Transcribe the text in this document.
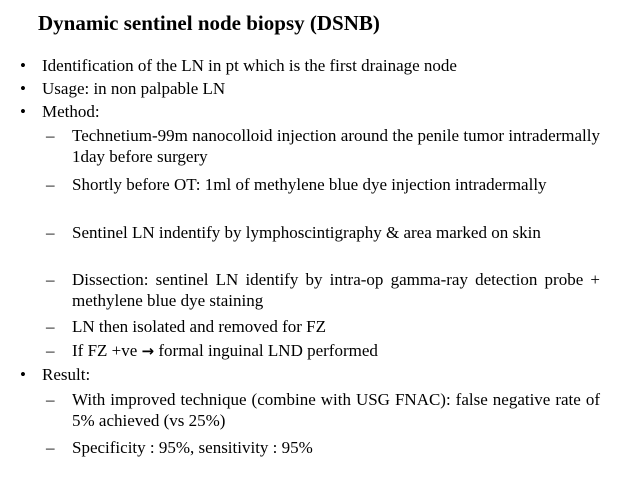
Dynamic sentinel node biopsy (DSNB)
• Identification of the LN in pt which is the first drainage node
• Usage: in non palpable LN
• Method:
– Technetium-99m nanocolloid injection around the penile tumor intradermally 1day before surgery
– Shortly before OT: 1ml of methylene blue dye injection intradermally
– Sentinel LN indentify by lymphoscintigraphy & area marked on skin
– Dissection: sentinel LN identify by intra-op gamma-ray detection probe + methylene blue dye staining
– LN then isolated and removed for FZ
– If FZ +ve → formal inguinal LND performed
• Result:
– With improved technique (combine with USG FNAC): false negative rate of 5% achieved (vs 25%)
– Specificity : 95%, sensitivity : 95%
